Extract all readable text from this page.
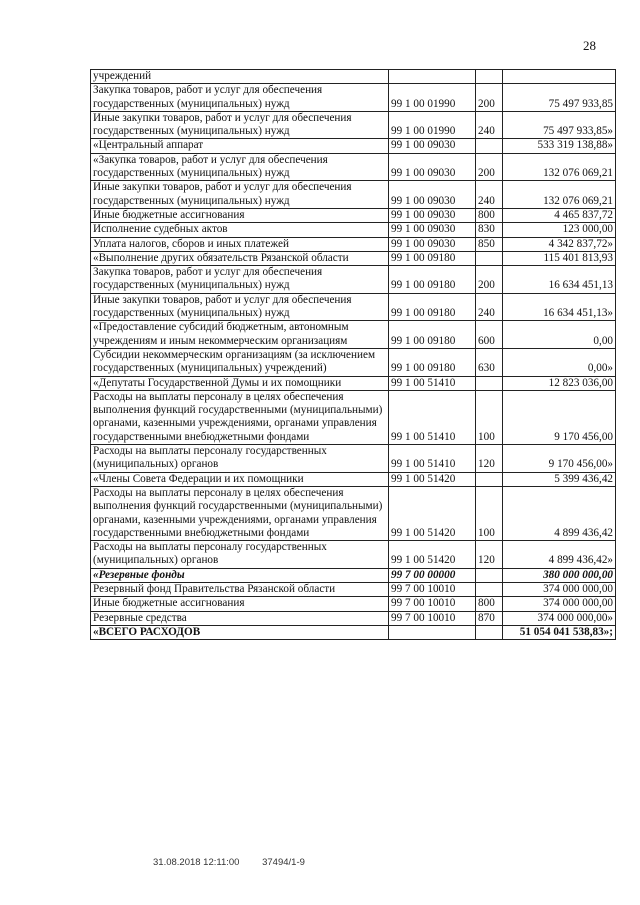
28
учреждений			
Закупка товаров, работ и услуг для обеспечения государственных (муниципальных) нужд	99 1 00 01990	200	75 497 933,85
Иные закупки товаров, работ и услуг для обеспечения государственных (муниципальных) нужд	99 1 00 01990	240	75 497 933,85»
«Центральный аппарат	99 1 00 09030		533 319 138,88»
«Закупка товаров, работ и услуг для обеспечения государственных (муниципальных) нужд	99 1 00 09030	200	132 076 069,21
Иные закупки товаров, работ и услуг для обеспечения государственных (муниципальных) нужд	99 1 00 09030	240	132 076 069,21
Иные бюджетные ассигнования	99 1 00 09030	800	4 465 837,72
Исполнение судебных актов	99 1 00 09030	830	123 000,00
Уплата налогов, сборов и иных платежей	99 1 00 09030	850	4 342 837,72»
«Выполнение других обязательств Рязанской области	99 1 00 09180		115 401 813,93
Закупка товаров, работ и услуг для обеспечения государственных (муниципальных) нужд	99 1 00 09180	200	16 634 451,13
Иные закупки товаров, работ и услуг для обеспечения государственных (муниципальных) нужд	99 1 00 09180	240	16 634 451,13»
«Предоставление субсидий бюджетным, автономным учреждениям и иным некоммерческим организациям	99 1 00 09180	600	0,00
Субсидии некоммерческим организациям (за исключением государственных (муниципальных) учреждений)	99 1 00 09180	630	0,00»
«Депутаты Государственной Думы и их помощники	99 1 00 51410		12 823 036,00
Расходы на выплаты персоналу в целях обеспечения выполнения функций государственными (муниципальными) органами, казенными учреждениями, органами управления государственными внебюджетными фондами	99 1 00 51410	100	9 170 456,00
Расходы на выплаты персоналу государственных (муниципальных) органов	99 1 00 51410	120	9 170 456,00»
«Члены Совета Федерации и их помощники	99 1 00 51420		5 399 436,42
Расходы на выплаты персоналу в целях обеспечения выполнения функций государственными (муниципальными) органами, казенными учреждениями, органами управления государственными внебюджетными фондами	99 1 00 51420	100	4 899 436,42
Расходы на выплаты персоналу государственных (муниципальных) органов	99 1 00 51420	120	4 899 436,42»
«Резервные фонды	99 7 00 00000		380 000 000,00
Резервный фонд Правительства Рязанской области	99 7 00 10010		374 000 000,00
Иные бюджетные ассигнования	99 7 00 10010	800	374 000 000,00
Резервные средства	99 7 00 10010	870	374 000 000,00»
«ВСЕГО РАСХОДОВ			51 054 041 538,83»;
31.08.2018 12:11:00 37494/1-9
